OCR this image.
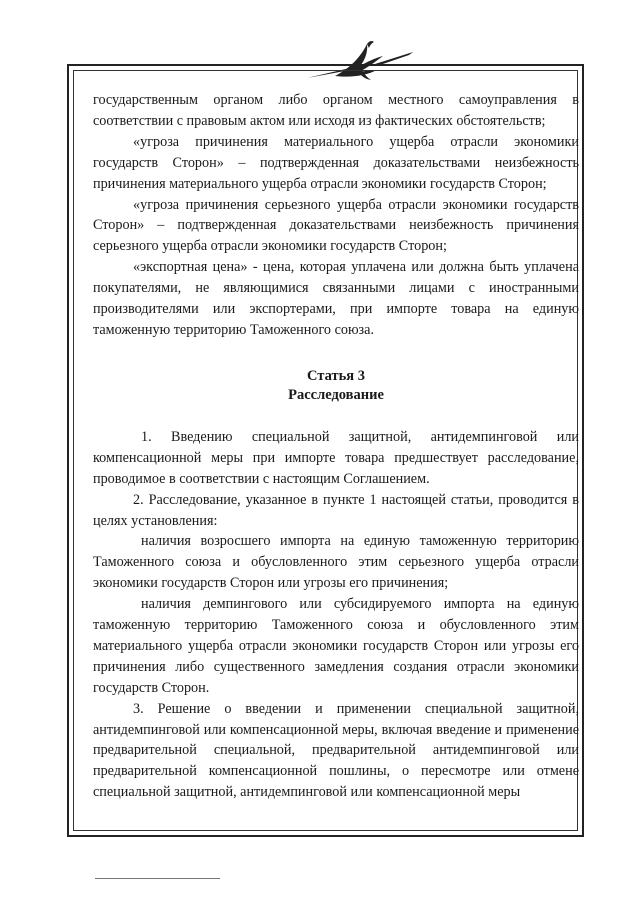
государственным органом либо органом местного самоуправления в соответствии с правовым актом или исходя из фактических обстоятельств;
«угроза причинения материального ущерба отрасли экономики государств Сторон» – подтвержденная доказательствами неизбежность причинения материального ущерба отрасли экономики государств Сторон;
«угроза причинения серьезного ущерба отрасли экономики государств Сторон» – подтвержденная доказательствами неизбежность причинения серьезного ущерба отрасли экономики государств Сторон;
«экспортная цена» - цена, которая уплачена или должна быть уплачена покупателями, не являющимися связанными лицами с иностранными производителями или экспортерами, при импорте товара на единую таможенную территорию Таможенного союза.
Статья 3
Расследование
1. Введению специальной защитной, антидемпинговой или компенсационной меры при импорте товара предшествует расследование, проводимое в соответствии с настоящим Соглашением.
2. Расследование, указанное в пункте 1 настоящей статьи, проводится в целях установления:
наличия возросшего импорта на единую таможенную территорию Таможенного союза и обусловленного этим серьезного ущерба отрасли экономики государств Сторон или угрозы его причинения;
наличия демпингового или субсидируемого импорта на единую таможенную территорию Таможенного союза и обусловленного этим материального ущерба отрасли экономики государств Сторон или угрозы его причинения либо существенного замедления создания отрасли экономики государств Сторон.
3. Решение о введении и применении специальной защитной, антидемпинговой или компенсационной меры, включая введение и применение предварительной специальной, предварительной антидемпинговой или предварительной компенсационной пошлины, о пересмотре или отмене специальной защитной, антидемпинговой или компенсационной меры
